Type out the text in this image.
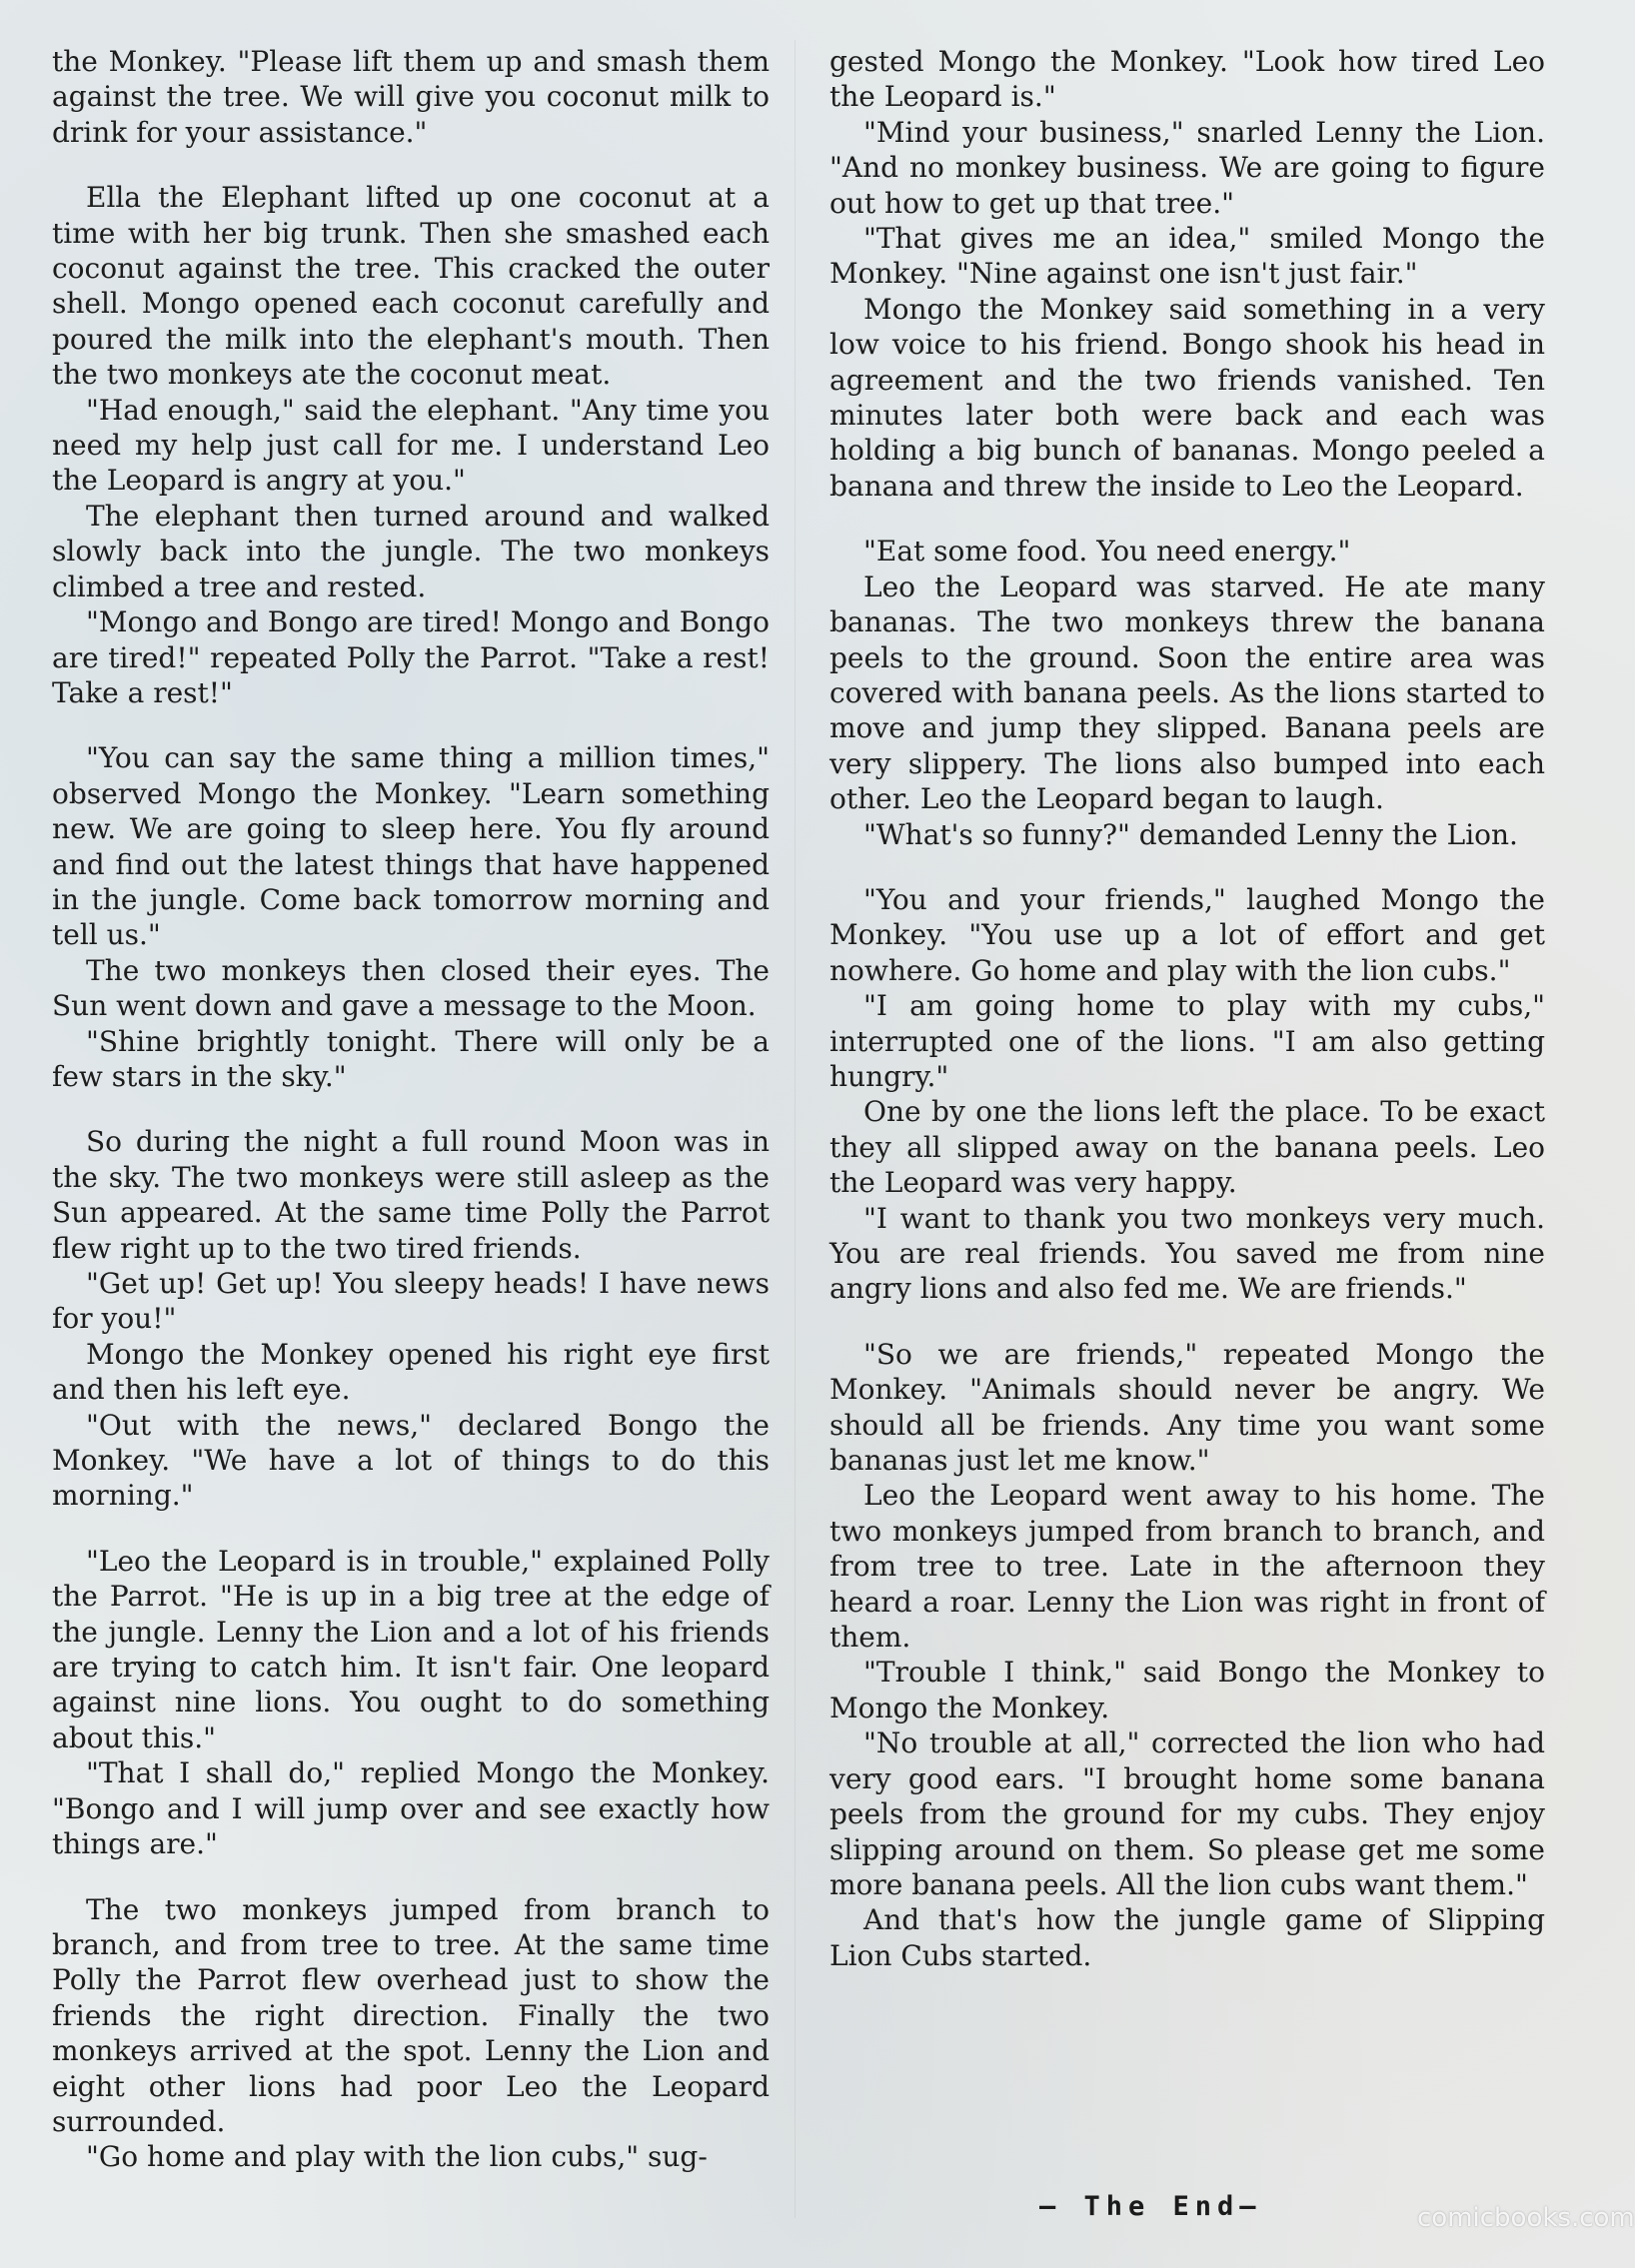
the Monkey. "Please lift them up and smash them against the tree. We will give you coconut milk to drink for your assistance."

Ella the Elephant lifted up one coconut at a time with her big trunk. Then she smashed each coconut against the tree. This cracked the outer shell. Mongo opened each coconut carefully and poured the milk into the elephant's mouth. Then the two monkeys ate the coconut meat.

"Had enough," said the elephant. "Any time you need my help just call for me. I understand Leo the Leopard is angry at you."

The elephant then turned around and walked slowly back into the jungle. The two monkeys climbed a tree and rested.

"Mongo and Bongo are tired! Mongo and Bongo are tired!" repeated Polly the Parrot. "Take a rest! Take a rest!"

"You can say the same thing a million times," observed Mongo the Monkey. "Learn something new. We are going to sleep here. You fly around and find out the latest things that have happened in the jungle. Come back tomorrow morning and tell us."

The two monkeys then closed their eyes. The Sun went down and gave a message to the Moon.

"Shine brightly tonight. There will only be a few stars in the sky."

So during the night a full round Moon was in the sky. The two monkeys were still asleep as the Sun appeared. At the same time Polly the Parrot flew right up to the two tired friends.

"Get up! Get up! You sleepy heads! I have news for you!"

Mongo the Monkey opened his right eye first and then his left eye.

"Out with the news," declared Bongo the Monkey. "We have a lot of things to do this morning."

"Leo the Leopard is in trouble," explained Polly the Parrot. "He is up in a big tree at the edge of the jungle. Lenny the Lion and a lot of his friends are trying to catch him. It isn't fair. One leopard against nine lions. You ought to do something about this."

"That I shall do," replied Mongo the Monkey. "Bongo and I will jump over and see exactly how things are."

The two monkeys jumped from branch to branch, and from tree to tree. At the same time Polly the Parrot flew overhead just to show the friends the right direction. Finally the two monkeys arrived at the spot. Lenny the Lion and eight other lions had poor Leo the Leopard surrounded.

"Go home and play with the lion cubs," sug-

gested Mongo the Monkey. "Look how tired Leo the Leopard is."

"Mind your business," snarled Lenny the Lion. "And no monkey business. We are going to figure out how to get up that tree."

"That gives me an idea," smiled Mongo the Monkey. "Nine against one isn't just fair."

Mongo the Monkey said something in a very low voice to his friend. Bongo shook his head in agreement and the two friends vanished. Ten minutes later both were back and each was holding a big bunch of bananas. Mongo peeled a banana and threw the inside to Leo the Leopard.

"Eat some food. You need energy."

Leo the Leopard was starved. He ate many bananas. The two monkeys threw the banana peels to the ground. Soon the entire area was covered with banana peels. As the lions started to move and jump they slipped. Banana peels are very slippery. The lions also bumped into each other. Leo the Leopard began to laugh.

"What's so funny?" demanded Lenny the Lion.

"You and your friends," laughed Mongo the Monkey. "You use up a lot of effort and get nowhere. Go home and play with the lion cubs."

"I am going home to play with my cubs," interrupted one of the lions. "I am also getting hungry."

One by one the lions left the place. To be exact they all slipped away on the banana peels. Leo the Leopard was very happy.

"I want to thank you two monkeys very much. You are real friends. You saved me from nine angry lions and also fed me. We are friends."

"So we are friends," repeated Mongo the Monkey. "Animals should never be angry. We should all be friends. Any time you want some bananas just let me know."

Leo the Leopard went away to his home. The two monkeys jumped from branch to branch, and from tree to tree. Late in the afternoon they heard a roar. Lenny the Lion was right in front of them.

"Trouble I think," said Bongo the Monkey to Mongo the Monkey.

"No trouble at all," corrected the lion who had very good ears. "I brought home some banana peels from the ground for my cubs. They enjoy slipping around on them. So please get me some more banana peels. All the lion cubs want them."

And that's how the jungle game of Slipping Lion Cubs started.

— The End—	comicbooks.com
